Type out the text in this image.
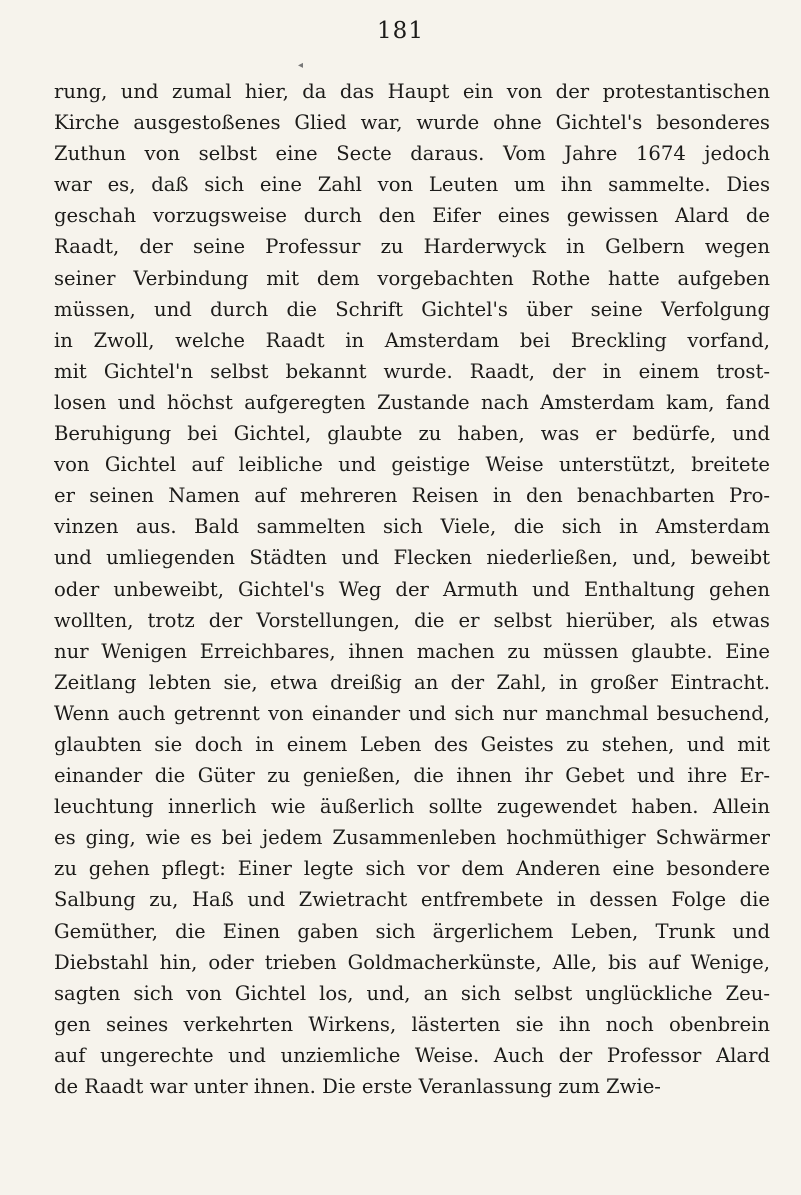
181
◂
rung, und zumal hier, da das Haupt ein von der protestantischen
Kirche ausgestoßenes Glied war, wurde ohne Gichtel's besonderes
Zuthun von selbst eine Secte daraus. Vom Jahre 1674 jedoch
war es, daß sich eine Zahl von Leuten um ihn sammelte. Dies
geschah vorzugsweise durch den Eifer eines gewissen Alard de
Raadt, der seine Professur zu Harderwyck in Gelbern wegen
seiner Verbindung mit dem vorgebachten Rothe hatte aufgeben
müssen, und durch die Schrift Gichtel's über seine Verfolgung
in Zwoll, welche Raadt in Amsterdam bei Breckling vorfand,
mit Gichtel'n selbst bekannt wurde. Raadt, der in einem trost-
losen und höchst aufgeregten Zustande nach Amsterdam kam, fand
Beruhigung bei Gichtel, glaubte zu haben, was er bedürfe, und
von Gichtel auf leibliche und geistige Weise unterstützt, breitete
er seinen Namen auf mehreren Reisen in den benachbarten Pro-
vinzen aus. Bald sammelten sich Viele, die sich in Amsterdam
und umliegenden Städten und Flecken niederließen, und, beweibt
oder unbeweibt, Gichtel's Weg der Armuth und Enthaltung gehen
wollten, trotz der Vorstellungen, die er selbst hierüber, als etwas
nur Wenigen Erreichbares, ihnen machen zu müssen glaubte. Eine
Zeitlang lebten sie, etwa dreißig an der Zahl, in großer Eintracht.
Wenn auch getrennt von einander und sich nur manchmal besuchend,
glaubten sie doch in einem Leben des Geistes zu stehen, und mit
einander die Güter zu genießen, die ihnen ihr Gebet und ihre Er-
leuchtung innerlich wie äußerlich sollte zugewendet haben. Allein
es ging, wie es bei jedem Zusammenleben hochmüthiger Schwärmer
zu gehen pflegt: Einer legte sich vor dem Anderen eine besondere
Salbung zu, Haß und Zwietracht entfrembete in dessen Folge die
Gemüther, die Einen gaben sich ärgerlichem Leben, Trunk und
Diebstahl hin, oder trieben Goldmacherkünste, Alle, bis auf Wenige,
sagten sich von Gichtel los, und, an sich selbst unglückliche Zeu-
gen seines verkehrten Wirkens, lästerten sie ihn noch obenbrein
auf ungerechte und unziemliche Weise. Auch der Professor Alard
de Raadt war unter ihnen. Die erste Veranlassung zum Zwie-
